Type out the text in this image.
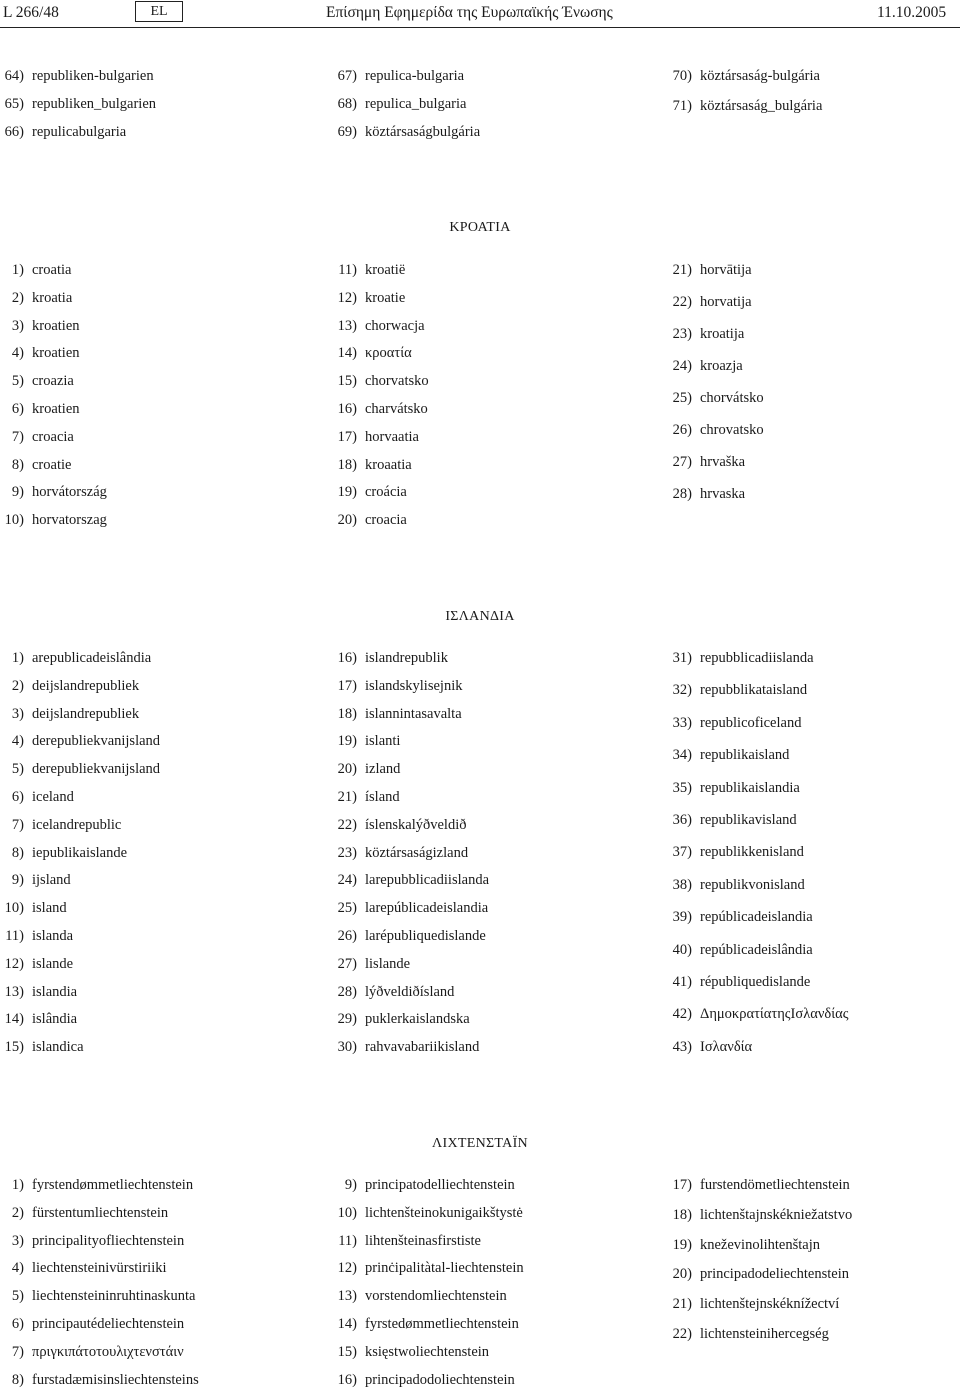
L 266/48	EL	Επίσημη Εφημερίδα της Ευρωπαϊκής Ένωσης	11.10.2005
64) republiken-bulgarien
65) republiken_bulgarien
66) repulicabulgaria
67) repulica-bulgaria
68) repulica_bulgaria
69) köztársaságbulgária
70) köztársaság-bulgária
71) köztársaság_bulgária
ΚΡΟΑΤΙΑ
1) croatia
2) kroatia
3) kroatien
4) kroatien
5) croazia
6) kroatien
7) croacia
8) croatie
9) horvátország
10) horvatorszag
11) kroatië
12) kroatie
13) chorwacja
14) κροατία
15) chorvatsko
16) charvátsko
17) horvaatia
18) kroaatia
19) croácia
20) croacia
21) horvātija
22) horvatija
23) kroatija
24) kroazja
25) chorvátsko
26) chrovatsko
27) hrvaška
28) hrvaska
ΙΣΛΑΝΔΙΑ
1) arepublicadeislândia
2) deijslandrepubliek
3) deijslandrepubliek
4) derepubliekvanijsland
5) derepubliekvanijsland
6) iceland
7) icelandrepublic
8) iepublikaislande
9) ijsland
10) island
11) islanda
12) islande
13) islandia
14) islândia
15) islandica
16) islandrepublik
17) islandskylisejnik
18) islannintasavalta
19) islanti
20) izland
21) ísland
22) íslenskalýðveldið
23) köztársaságizland
24) larepubblicadiislanda
25) larepúblicadeislandia
26) larépubliquedislande
27) lislande
28) lýðveldiðísland
29) puklerkaislandska
30) rahvavabariikisland
31) repubblicadiislanda
32) repubblikataisland
33) republicoficeland
34) republikaisland
35) republikaislandia
36) republikavisland
37) republikkenisland
38) republikvonisland
39) repúblicadeislandia
40) repúblicadeislândia
41) républiquedislande
42) ΔημοκρατίατηςΙσλανδίας
43) Ισλανδία
ΛΙΧΤΕΝΣΤΑΪΝ
1) fyrstendømmetliechtenstein
2) fürstentumliechtenstein
3) principalityofliechtenstein
4) liechtensteinivürstiriiki
5) liechtensteininruhtinaskunta
6) principautédeliechtenstein
7) πριγκιπάτοτουλιχτενστάιν
8) furstadæmisinsliechtensteins
9) principatodelliechtenstein
10) lichtenšteinokunigaikštystė
11) lihtenšteinasfirstiste
12) prinċipalitàtal-liechtenstein
13) vorstendomliechtenstein
14) fyrstedømmetliechtenstein
15) księstwoliechtenstein
16) principadodoliechtenstein
17) furstendömetliechtenstein
18) lichtenštajnskékniežatstvo
19) kneževinolihtenštajn
20) principadodeliechtenstein
21) lichtenštejnskéknížectví
22) lichtensteinihercegség
